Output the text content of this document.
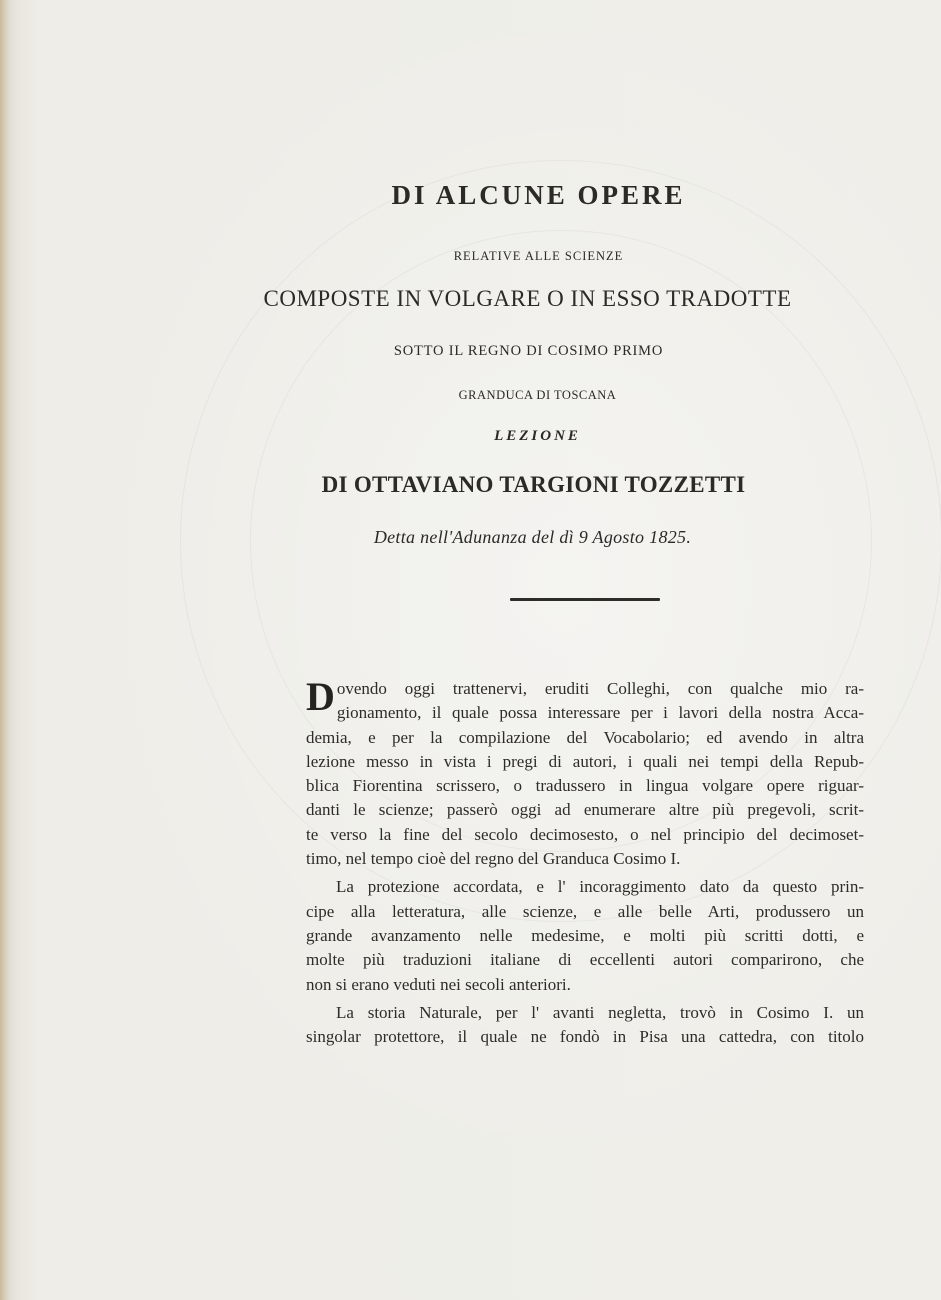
DI ALCUNE OPERE
RELATIVE ALLE SCIENZE
COMPOSTE IN VOLGARE O IN ESSO TRADOTTE
SOTTO IL REGNO DI COSIMO PRIMO
GRANDUCA DI TOSCANA
LEZIONE
DI OTTAVIANO TARGIONI TOZZETTI
Detta nell'Adunanza del dì 9 Agosto 1825.
D ovendo oggi trattenervi, eruditi Colleghi, con qualche mio ra-
gionamento, il quale possa interessare per i lavori della nostra Acca-
demia, e per la compilazione del Vocabolario; ed avendo in altra
lezione messo in vista i pregi di autori, i quali nei tempi della Repub-
blica Fiorentina scrissero, o tradussero in lingua volgare opere riguar-
danti le scienze; passerò oggi ad enumerare altre più pregevoli, scrit-
te verso la fine del secolo decimosesto, o nel principio del decimoset-
timo, nel tempo cioè del regno del Granduca Cosimo I.
La protezione accordata, e l' incoraggimento dato da questo prin-
cipe alla letteratura, alle scienze, e alle belle Arti, produssero un
grande avanzamento nelle medesime, e molti più scritti dotti, e
molte più traduzioni italiane di eccellenti autori comparirono, che
non si erano veduti nei secoli anteriori.
La storia Naturale, per l' avanti negletta, trovò in Cosimo I. un
singolar protettore, il quale ne fondò in Pisa una cattedra, con titolo
